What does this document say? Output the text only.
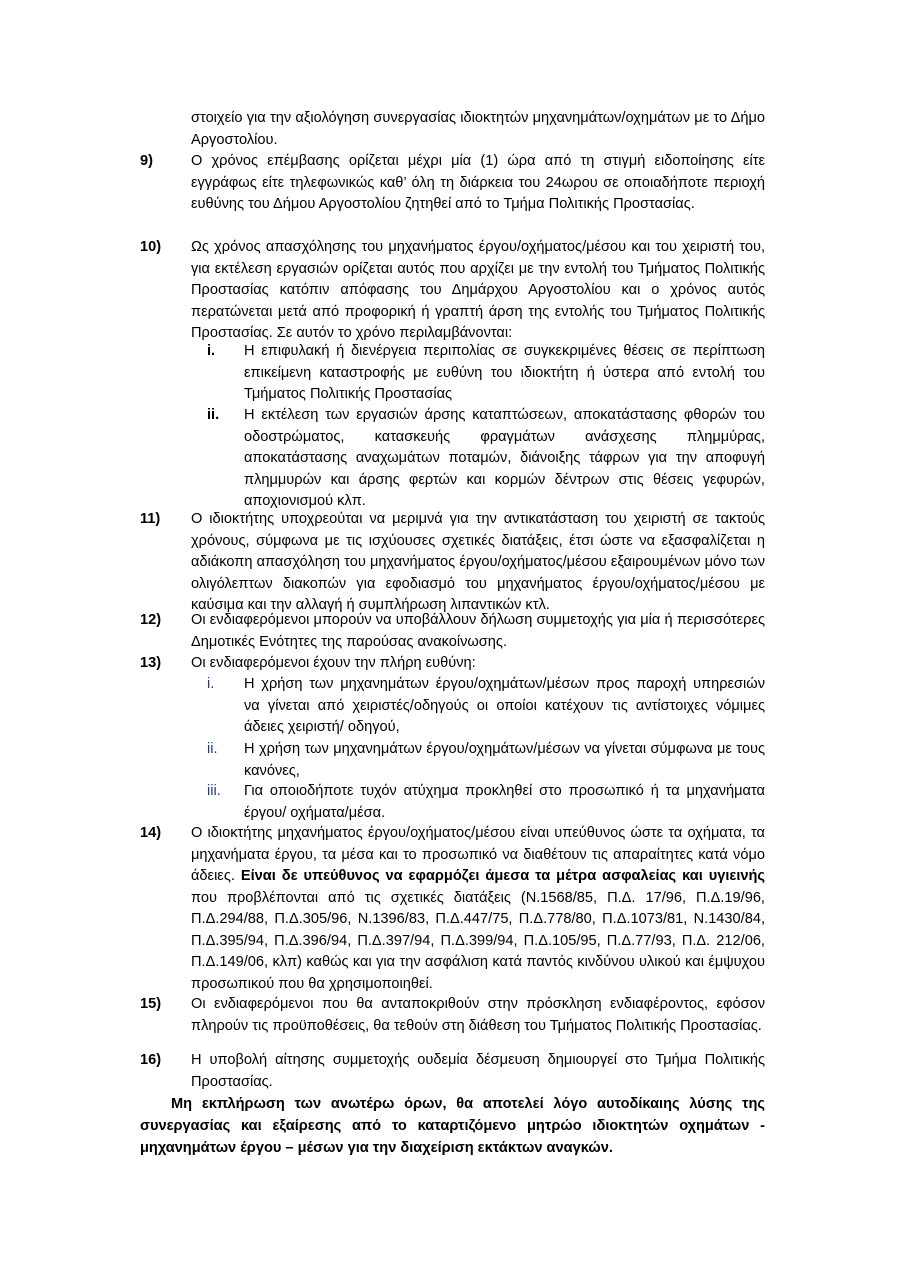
στοιχείο για την αξιολόγηση συνεργασίας ιδιοκτητών μηχανημάτων/οχημάτων με το Δήμο Αργοστολίου.
9)	Ο χρόνος επέμβασης ορίζεται μέχρι μία (1) ώρα από τη στιγμή ειδοποίησης είτε εγγράφως είτε τηλεφωνικώς καθ’ όλη τη διάρκεια του 24ωρου σε οποιαδήποτε περιοχή ευθύνης του Δήμου Αργοστολίου ζητηθεί από το Τμήμα Πολιτικής Προστασίας.
10)	Ως χρόνος απασχόλησης του μηχανήματος έργου/οχήματος/μέσου και του χειριστή του, για εκτέλεση εργασιών ορίζεται αυτός που αρχίζει με την εντολή του Τμήματος Πολιτικής Προστασίας κατόπιν απόφασης του Δημάρχου Αργοστολίου και ο χρόνος αυτός περατώνεται μετά από προφορική ή γραπτή άρση της εντολής του Τμήματος Πολιτικής Προστασίας. Σε αυτόν το χρόνο περιλαμβάνονται:
i.	Η επιφυλακή ή διενέργεια περιπολίας σε συγκεκριμένες θέσεις σε περίπτωση επικείμενη καταστροφής με ευθύνη του ιδιοκτήτη ή ύστερα από εντολή του Τμήματος Πολιτικής Προστασίας
ii.	Η εκτέλεση των εργασιών άρσης καταπτώσεων, αποκατάστασης φθορών του οδοστρώματος, κατασκευής φραγμάτων ανάσχεσης πλημμύρας, αποκατάστασης αναχωμάτων ποταμών, διάνοιξης τάφρων για την αποφυγή πλημμυρών και άρσης φερτών και κορμών δέντρων στις θέσεις γεφυρών, αποχιονισμού κλπ.
11)	Ο ιδιοκτήτης υποχρεούται να μεριμνά για την αντικατάσταση του χειριστή σε τακτούς χρόνους, σύμφωνα με τις ισχύουσες σχετικές διατάξεις, έτσι ώστε να εξασφαλίζεται η αδιάκοπη απασχόληση του μηχανήματος έργου/οχήματος/μέσου εξαιρουμένων μόνο των ολιγόλεπτων διακοπών για εφοδιασμό του μηχανήματος έργου/οχήματος/μέσου με καύσιμα και την αλλαγή ή συμπλήρωση λιπαντικών κτλ.
12)	Οι ενδιαφερόμενοι μπορούν να υποβάλλουν δήλωση συμμετοχής για μία ή περισσότερες Δημοτικές Ενότητες της παρούσας ανακοίνωσης.
13)	Οι ενδιαφερόμενοι έχουν την πλήρη ευθύνη:
i.	Η χρήση των μηχανημάτων έργου/οχημάτων/μέσων προς παροχή υπηρεσιών να γίνεται από χειριστές/οδηγούς οι οποίοι κατέχουν τις αντίστοιχες νόμιμες άδειες χειριστή/ οδηγού,
ii.	Η χρήση των μηχανημάτων έργου/οχημάτων/μέσων να γίνεται σύμφωνα με τους κανόνες,
iii.	Για οποιοδήποτε τυχόν ατύχημα προκληθεί στο προσωπικό ή τα μηχανήματα έργου/ οχήματα/μέσα.
14)	Ο ιδιοκτήτης μηχανήματος έργου/οχήματος/μέσου είναι υπεύθυνος ώστε τα οχήματα, τα μηχανήματα έργου, τα μέσα και το προσωπικό να διαθέτουν τις απαραίτητες κατά νόμο άδειες. Είναι δε υπεύθυνος να εφαρμόζει άμεσα τα μέτρα ασφαλείας και υγιεινής που προβλέπονται από τις σχετικές διατάξεις (Ν.1568/85, Π.Δ. 17/96, Π.Δ.19/96, Π.Δ.294/88, Π.Δ.305/96, Ν.1396/83, Π.Δ.447/75, Π.Δ.778/80, Π.Δ.1073/81, Ν.1430/84, Π.Δ.395/94, Π.Δ.396/94, Π.Δ.397/94, Π.Δ.399/94, Π.Δ.105/95, Π.Δ.77/93, Π.Δ. 212/06, Π.Δ.149/06, κλπ) καθώς και για την ασφάλιση κατά παντός κινδύνου υλικού και έμψυχου προσωπικού που θα χρησιμοποιηθεί.
15)	Οι ενδιαφερόμενοι που θα ανταποκριθούν στην πρόσκληση ενδιαφέροντος, εφόσον πληρούν τις προϋποθέσεις, θα τεθούν στη διάθεση του Τμήματος Πολιτικής Προστασίας.
16)	Η υποβολή αίτησης συμμετοχής ουδεμία δέσμευση δημιουργεί στο Τμήμα Πολιτικής Προστασίας.
Μη εκπλήρωση των ανωτέρω όρων, θα αποτελεί λόγο αυτοδίκαιης λύσης της συνεργασίας και εξαίρεσης από το καταρτιζόμενο μητρώο ιδιοκτητών οχημάτων - μηχανημάτων έργου – μέσων για την διαχείριση εκτάκτων αναγκών.
